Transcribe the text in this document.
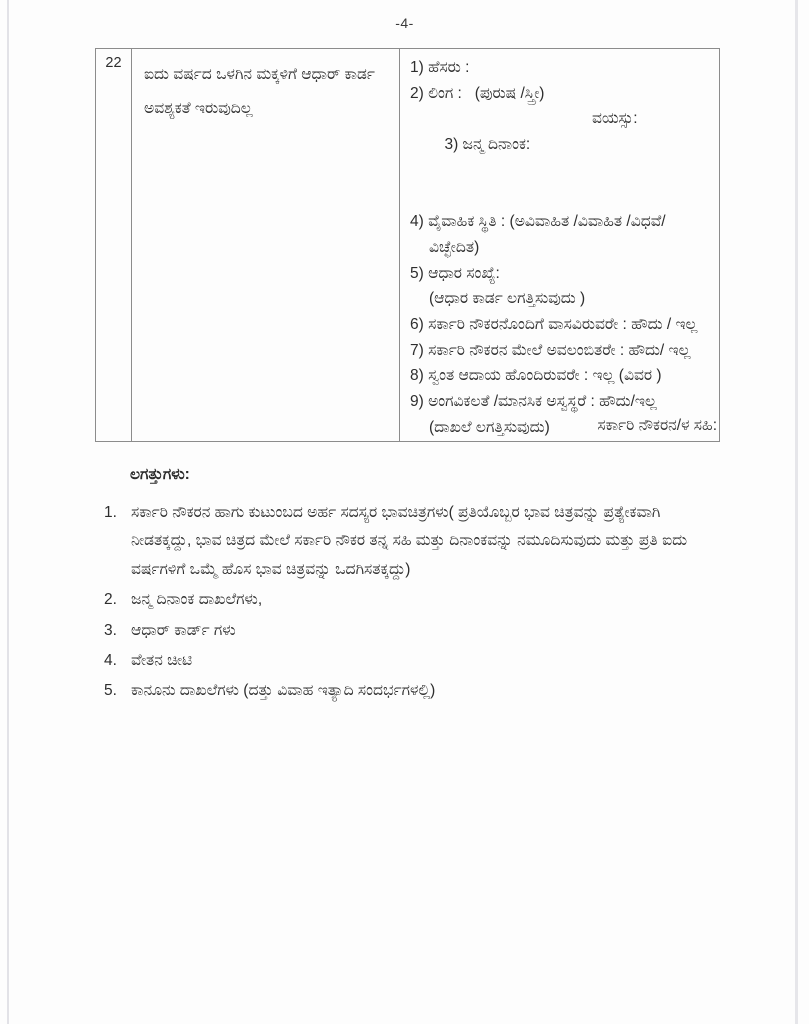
-4-
22
ಐದು ವರ್ಷದ ಒಳಗಿನ ಮಕ್ಕಳಿಗೆ ಆಧಾರ್ ಕಾರ್ಡ
ಅವಶ್ಯಕತೆ ಇರುವುದಿಲ್ಲ
1) ಹೆಸರು :
2) ಲಿಂಗ :   (ಪುರುಷ /ಸ್ತ್ರೀ)

3) ಜನ್ಮ ದಿನಾಂಕ:

ವಯಸ್ಸು:

4) ವೈವಾಹಿಕ ಸ್ಥಿತಿ : (ಅವಿವಾಹಿತ /ವಿವಾಹಿತ /ವಿಧವೆ/
ವಿಚ್ಛೇದಿತ)
5) ಆಧಾರ ಸಂಖ್ಯೆ:
(ಆಧಾರ ಕಾರ್ಡ ಲಗತ್ತಿಸುವುದು )
6) ಸರ್ಕಾರಿ ನೌಕರನೊಂದಿಗೆ ವಾಸವಿರುವರೇ : ಹೌದು / ಇಲ್ಲ
7) ಸರ್ಕಾರಿ ನೌಕರನ ಮೇಲೆ ಅವಲಂಬಿತರೇ : ಹೌದು/ ಇಲ್ಲ
8) ಸ್ವಂತ ಆದಾಯ ಹೊಂದಿರುವರೇ : ಇಲ್ಲ (ವಿವರ )
9) ಅಂಗವಿಕಲತೆ /ಮಾನಸಿಕ ಅಸ್ವಸ್ಥರೆ : ಹೌದು/ಇಲ್ಲ
(ದಾಖಲೆ ಲಗತ್ತಿಸುವುದು)	ಸರ್ಕಾರಿ ನೌಕರನ/ಳ ಸಹಿ:
ಲಗತ್ತುಗಳು:
1. ಸರ್ಕಾರಿ ನೌಕರನ ಹಾಗು ಕುಟುಂಬದ ಅರ್ಹ ಸದಸ್ಯರ ಭಾವಚಿತ್ರಗಳು( ಪ್ರತಿಯೊಬ್ಬರ ಭಾವ ಚಿತ್ರವನ್ನು ಪ್ರತ್ಯೇಕವಾಗಿ ನೀಡತಕ್ಕದ್ದು, ಭಾವ ಚಿತ್ರದ ಮೇಲೆ ಸರ್ಕಾರಿ ನೌಕರ ತನ್ನ ಸಹಿ ಮತ್ತು ದಿನಾಂಕವನ್ನು ನಮೂದಿಸುವುದು ಮತ್ತು ಪ್ರತಿ ಐದು ವರ್ಷಗಳಿಗೆ ಒಮ್ಮೆ ಹೊಸ ಭಾವ ಚಿತ್ರವನ್ನು ಒದಗಿಸತಕ್ಕದ್ದು)
2. ಜನ್ಮ ದಿನಾಂಕ ದಾಖಲೆಗಳು,
3. ಆಧಾರ್ ಕಾರ್ಡ್ ಗಳು
4. ವೇತನ ಚೀಟಿ
5. ಕಾನೂನು ದಾಖಲೆಗಳು (ದತ್ತು ವಿವಾಹ ಇತ್ಯಾದಿ ಸಂದರ್ಭಗಳಲ್ಲಿ)
